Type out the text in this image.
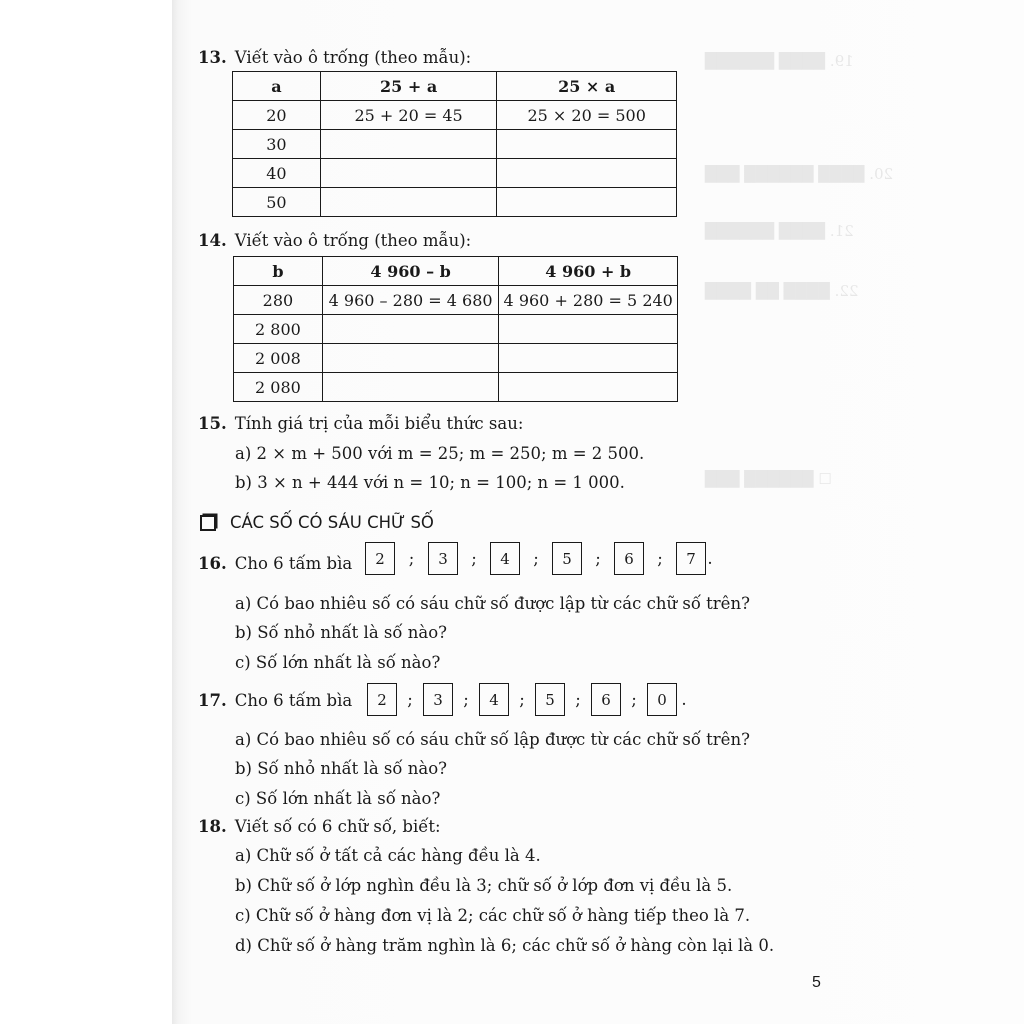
19. ████ ██████
20. ████ ██████ ███
21. ████ ██████
22. ████ ██ ████
☐ ██████ ███
13. Viết vào ô trống (theo mẫu):
a	25 + a	25 × a
20	25 + 20 = 45	25 × 20 = 500
30		
40		
50		
14. Viết vào ô trống (theo mẫu):
b	4 960 – b	4 960 + b
280	4 960 – 280 = 4 680	4 960 + 280 = 5 240
2 800		
2 008		
2 080		
15. Tính giá trị của mỗi biểu thức sau:
a) 2 × m + 500 với m = 25; m = 250; m = 2 500.
b) 3 × n + 444 với n = 10; n = 100; n = 1 000.
CÁC SỐ CÓ SÁU CHỮ SỐ
16. Cho 6 tấm bìa	2	;	3	;	4	;	5	;	6	;	7 .
a) Có bao nhiêu số có sáu chữ số được lập từ các chữ số trên?
b) Số nhỏ nhất là số nào?
c) Số lớn nhất là số nào?
17. Cho 6 tấm bìa	2	;	3	;	4	;	5	;	6	;	0 .
a) Có bao nhiêu số có sáu chữ số lập được từ các chữ số trên?
b) Số nhỏ nhất là số nào?
c) Số lớn nhất là số nào?
18. Viết số có 6 chữ số, biết:
a) Chữ số ở tất cả các hàng đều là 4.
b) Chữ số ở lớp nghìn đều là 3; chữ số ở lớp đơn vị đều là 5.
c) Chữ số ở hàng đơn vị là 2; các chữ số ở hàng tiếp theo là 7.
d) Chữ số ở hàng trăm nghìn là 6; các chữ số ở hàng còn lại là 0.
5
